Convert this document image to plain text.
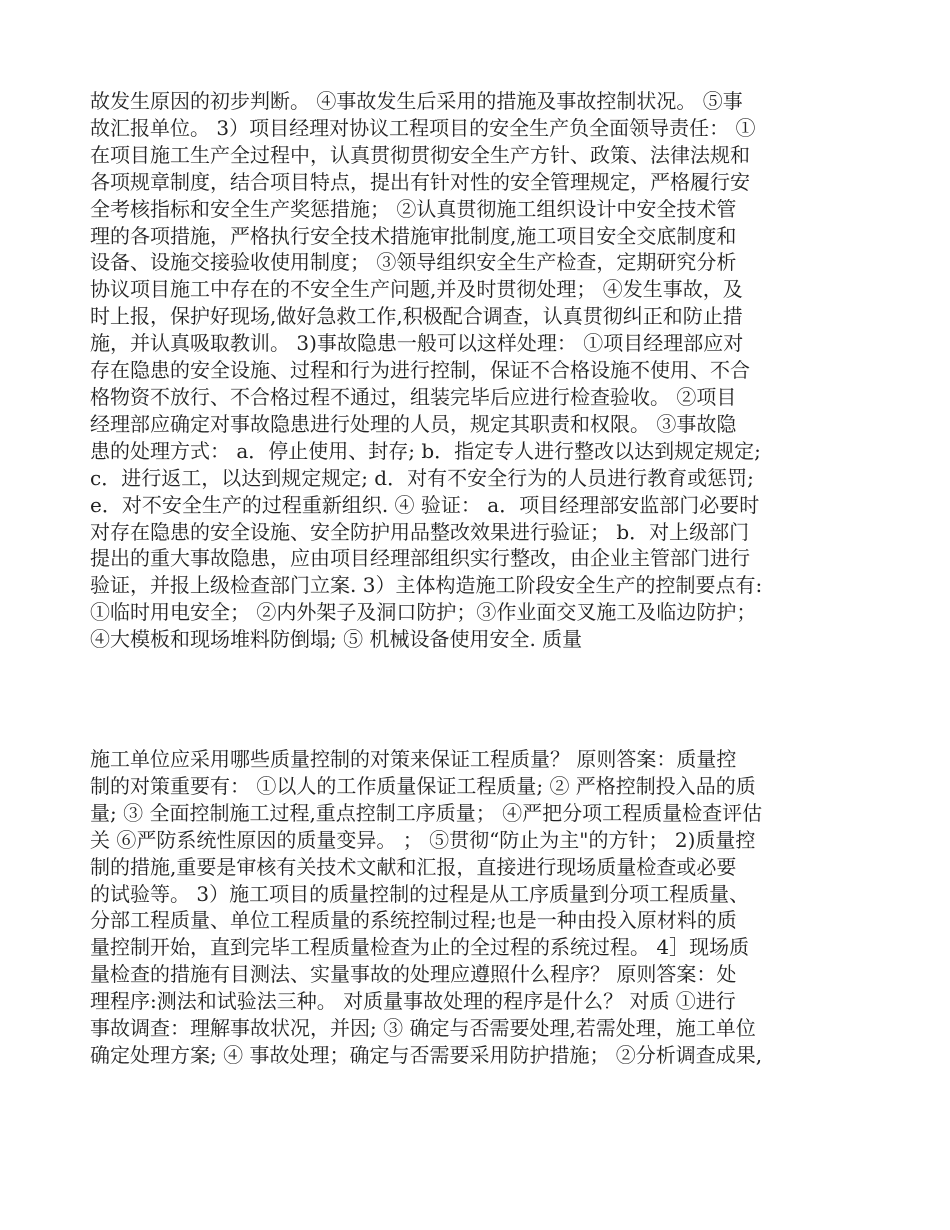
故发生原因的初步判断。 ④事故发生后采用的措施及事故控制状况。 ⑤事
故汇报单位。 3）项目经理对协议工程项目的安全生产负全面领导责任： ①
在项目施工生产全过程中，认真贯彻贯彻安全生产方针、政策、法律法规和
各项规章制度，结合项目特点，提出有针对性的安全管理规定，严格履行安
全考核指标和安全生产奖惩措施； ②认真贯彻施工组织设计中安全技术管
理的各项措施，严格执行安全技术措施审批制度,施工项目安全交底制度和
设备、设施交接验收使用制度； ③领导组织安全生产检查，定期研究分析
协议项目施工中存在的不安全生产问题,并及时贯彻处理； ④发生事故，及
时上报，保护好现场,做好急救工作,积极配合调查，认真贯彻纠正和防止措
施，并认真吸取教训。 3)事故隐患一般可以这样处理： ①项目经理部应对
存在隐患的安全设施、过程和行为进行控制，保证不合格设施不使用、不合
格物资不放行、不合格过程不通过，组装完毕后应进行检查验收。 ②项目
经理部应确定对事故隐患进行处理的人员，规定其职责和权限。 ③事故隐
患的处理方式： a．停止使用、封存; b．指定专人进行整改以达到规定规定;
c．进行返工，以达到规定规定; d．对有不安全行为的人员进行教育或惩罚;
e．对不安全生产的过程重新组织. ④ 验证： a．项目经理部安监部门必要时
对存在隐患的安全设施、安全防护用品整改效果进行验证； b．对上级部门
提出的重大事故隐患，应由项目经理部组织实行整改，由企业主管部门进行
验证，并报上级检查部门立案. 3）主体构造施工阶段安全生产的控制要点有:
①临时用电安全； ②内外架子及洞口防护；③作业面交叉施工及临边防护；
④大模板和现场堆料防倒塌; ⑤ 机械设备使用安全. 质量

施工单位应采用哪些质量控制的对策来保证工程质量？ 原则答案：质量控
制的对策重要有： ①以人的工作质量保证工程质量; ② 严格控制投入品的质
量; ③ 全面控制施工过程,重点控制工序质量； ④严把分项工程质量检查评估
关 ⑥严防系统性原因的质量变异。 ； ⑤贯彻“防止为主"的方针； 2)质量控
制的措施,重要是审核有关技术文献和汇报，直接进行现场质量检查或必要
的试验等。 3）施工项目的质量控制的过程是从工序质量到分项工程质量、
分部工程质量、单位工程质量的系统控制过程;也是一种由投入原材料的质
量控制开始，直到完毕工程质量检查为止的全过程的系统过程。 4］现场质
量检查的措施有目测法、实量事故的处理应遵照什么程序？ 原则答案：处
理程序:测法和试验法三种。 对质量事故处理的程序是什么？ 对质 ①进行
事故调查：理解事故状况，并因; ③ 确定与否需要处理,若需处理，施工单位
确定处理方案; ④ 事故处理；确定与否需要采用防护措施； ②分析调查成果,
